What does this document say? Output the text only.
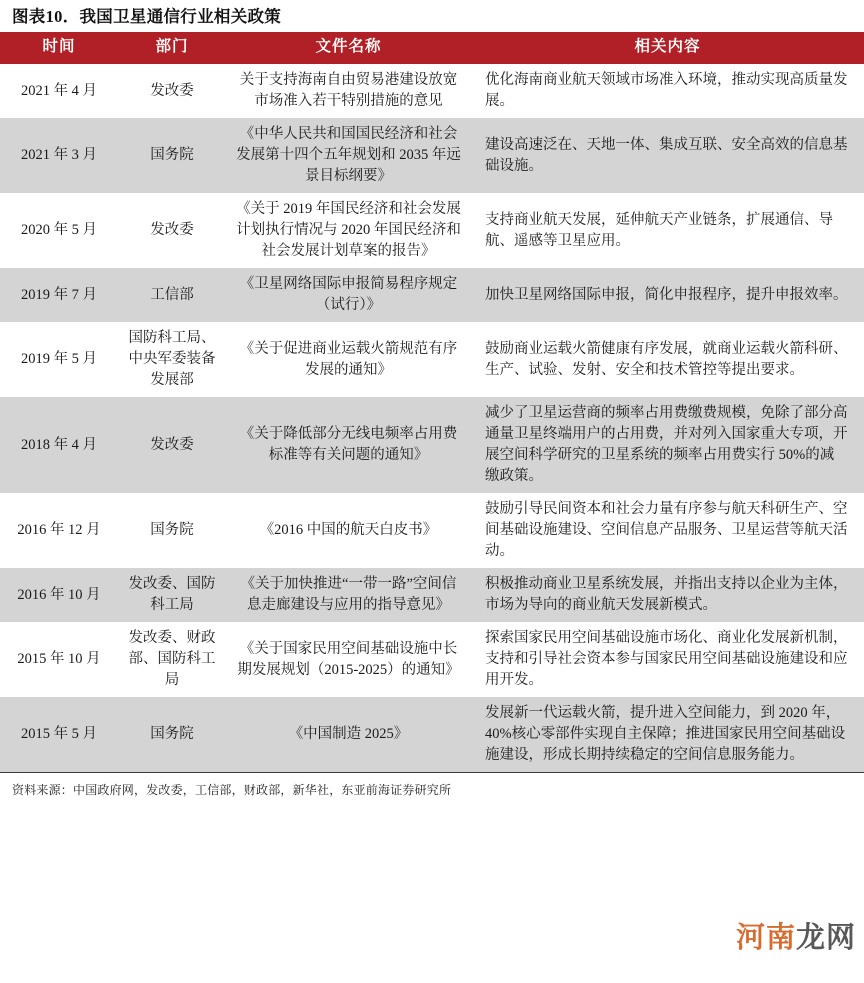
图表10．我国卫星通信行业相关政策
时间	部门	文件名称	相关内容
2021 年 4 月	发改委	关于支持海南自由贸易港建设放宽市场准入若干特别措施的意见	优化海南商业航天领域市场准入环境，推动实现高质量发展。

2021 年 3 月	国务院	《中华人民共和国国民经济和社会发展第十四个五年规划和 2035 年远景目标纲要》	建设高速泛在、天地一体、集成互联、安全高效的信息基础设施。

2020 年 5 月	发改委	《关于 2019 年国民经济和社会发展计划执行情况与 2020 年国民经济和社会发展计划草案的报告》	支持商业航天发展，延伸航天产业链条，扩展通信、导航、遥感等卫星应用。

2019 年 7 月	工信部	《卫星网络国际申报简易程序规定（试行）》	加快卫星网络国际申报，简化申报程序，提升申报效率。

2019 年 5 月	国防科工局、中央军委装备发展部	《关于促进商业运载火箭规范有序发展的通知》	鼓励商业运载火箭健康有序发展，就商业运载火箭科研、生产、试验、发射、安全和技术管控等提出要求。

2018 年 4 月	发改委	《关于降低部分无线电频率占用费标准等有关问题的通知》	减少了卫星运营商的频率占用费缴费规模，免除了部分高通量卫星终端用户的占用费，并对列入国家重大专项，开展空间科学研究的卫星系统的频率占用费实行 50%的减缴政策。

2016 年 12 月	国务院	《2016 中国的航天白皮书》	鼓励引导民间资本和社会力量有序参与航天科研生产、空间基础设施建设、空间信息产品服务、卫星运营等航天活动。

2016 年 10 月	发改委、国防科工局	《关于加快推进“一带一路”空间信息走廊建设与应用的指导意见》	积极推动商业卫星系统发展，并指出支持以企业为主体，市场为导向的商业航天发展新模式。

2015 年 10 月	发改委、财政部、国防科工局	《关于国家民用空间基础设施中长期发展规划（2015-2025）的通知》	探索国家民用空间基础设施市场化、商业化发展新机制，支持和引导社会资本参与国家民用空间基础设施建设和应用开发。

2015 年 5 月	国务院	《中国制造 2025》	发展新一代运载火箭，提升进入空间能力，到 2020 年，40%核心零部件实现自主保障；推进国家民用空间基础设施建设，形成长期持续稳定的空间信息服务能力。
资料来源：中国政府网，发改委，工信部，财政部，新华社，东亚前海证券研究所
河南龙网
